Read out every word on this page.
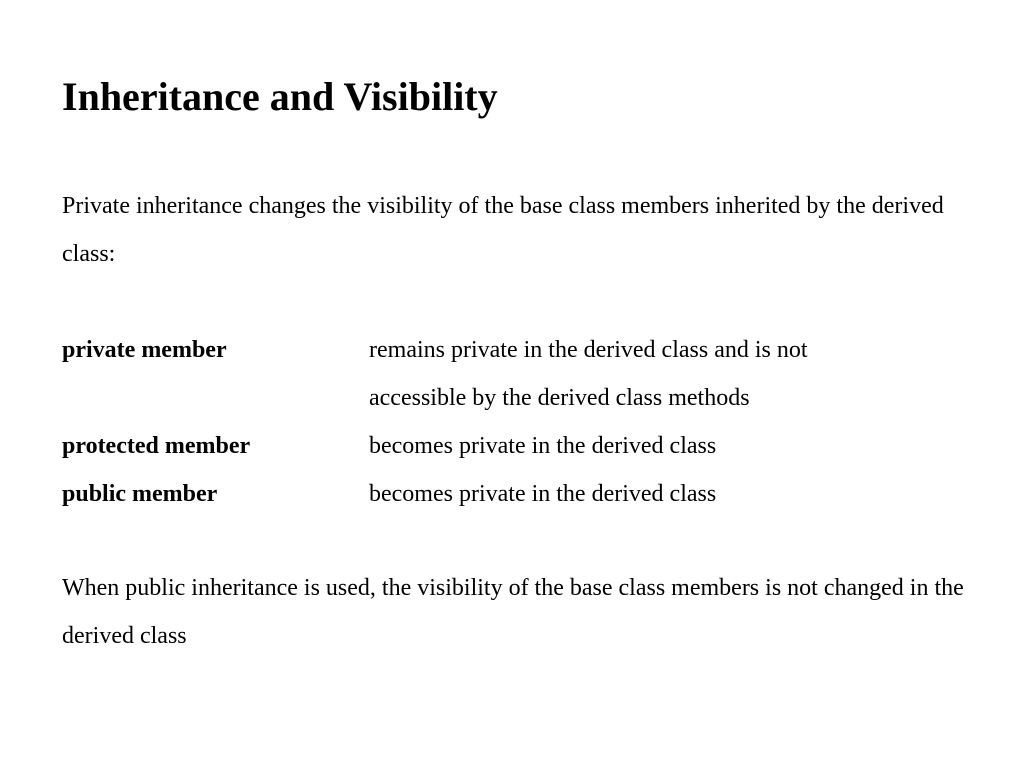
Inheritance and Visibility

Private inheritance changes the visibility of the base class members inherited by the derived class:

private member	remains private in the derived class and is not accessible by the derived class methods
protected member	becomes private in the derived class
public member	becomes private in the derived class

When public inheritance is used, the visibility of the base class members is not changed in the derived class
